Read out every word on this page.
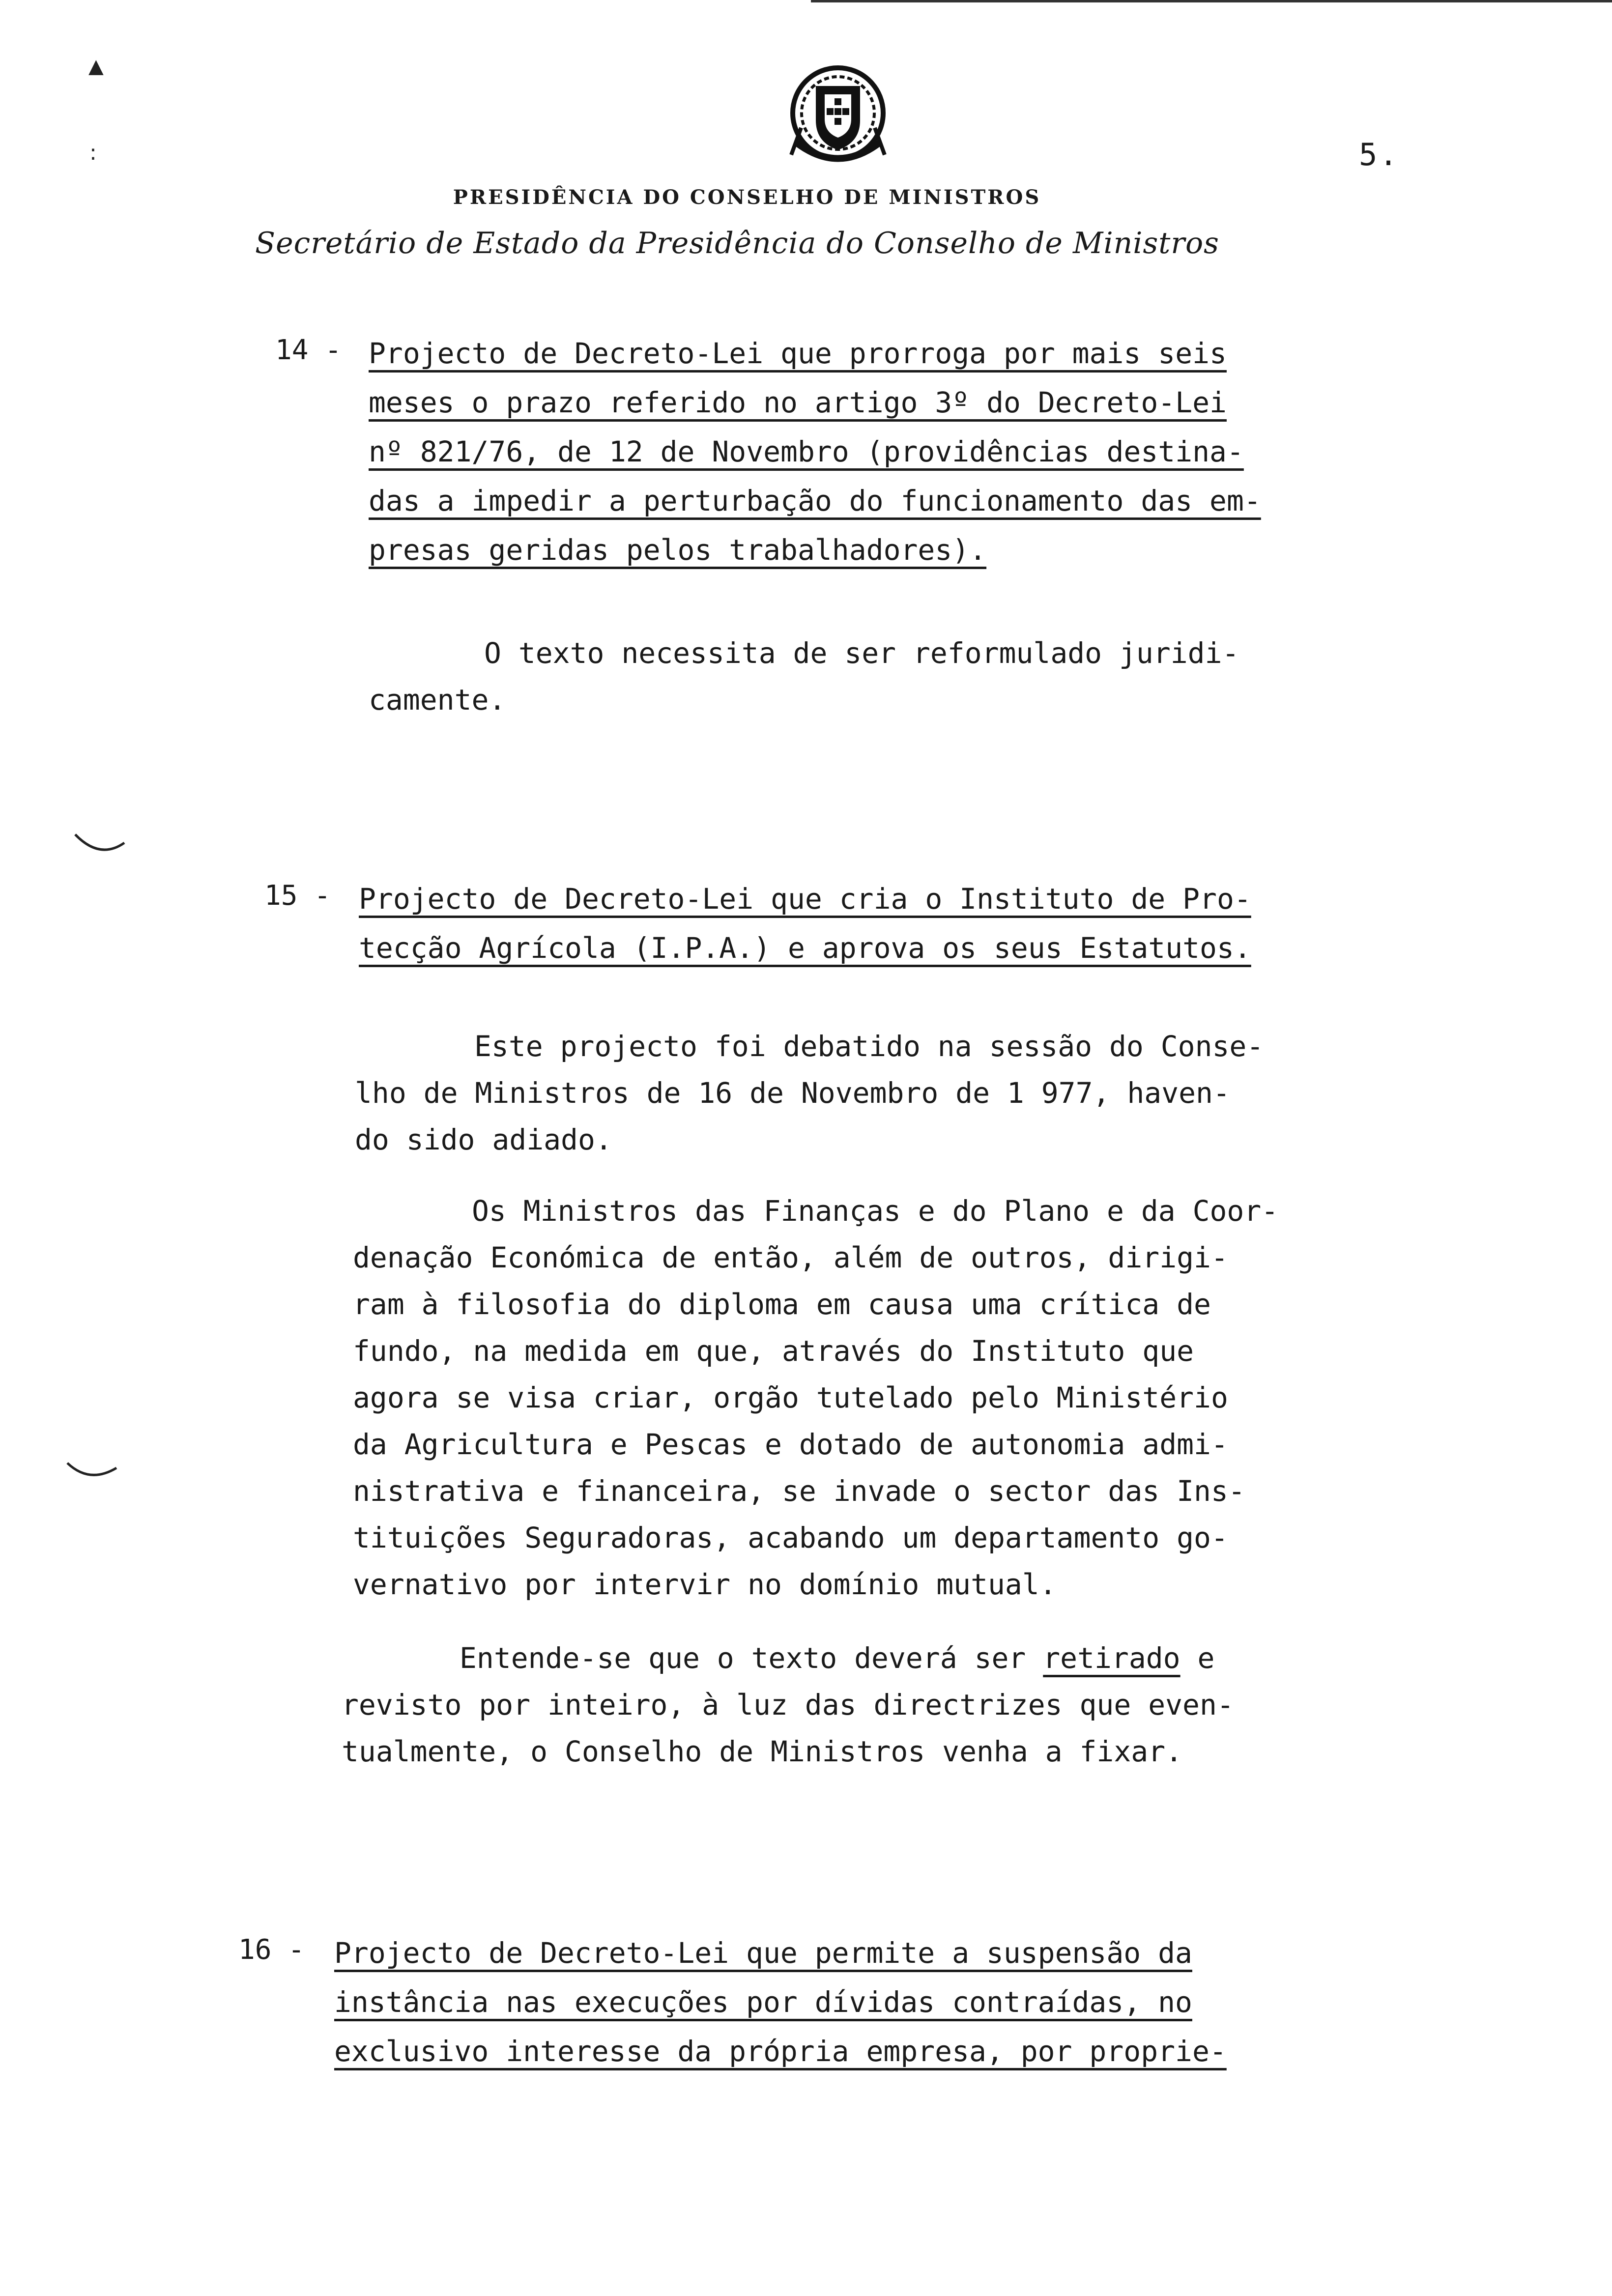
▲
:	5.
PRESIDÊNCIA DO CONSELHO DE MINISTROS
Secretário de Estado da Presidência do Conselho de Ministros
14 - Projecto de Decreto-Lei que prorroga por mais seis
meses o prazo referido no artigo 3º do Decreto-Lei
nº 821/76, de 12 de Novembro (providências destina-
das a impedir a perturbação do funcionamento das em-
presas geridas pelos trabalhadores).
O texto necessita de ser reformulado juridi-
camente.
15 - Projecto de Decreto-Lei que cria o Instituto de Pro-
tecção Agrícola (I.P.A.) e aprova os seus Estatutos.
Este projecto foi debatido na sessão do Conse-
lho de Ministros de 16 de Novembro de 1 977, haven-
do sido adiado.
Os Ministros das Finanças e do Plano e da Coor-
denação Económica de então, além de outros, dirigi-
ram à filosofia do diploma em causa uma crítica de
fundo, na medida em que, através do Instituto que
agora se visa criar, orgão tutelado pelo Ministério
da Agricultura e Pescas e dotado de autonomia admi-
nistrativa e financeira, se invade o sector das Ins-
tituições Seguradoras, acabando um departamento go-
vernativo por intervir no domínio mutual.
Entende-se que o texto deverá ser retirado e
revisto por inteiro, à luz das directrizes que even-
tualmente, o Conselho de Ministros venha a fixar.
16 - Projecto de Decreto-Lei que permite a suspensão da
instância nas execuções por dívidas contraídas, no
exclusivo interesse da própria empresa, por proprie-
